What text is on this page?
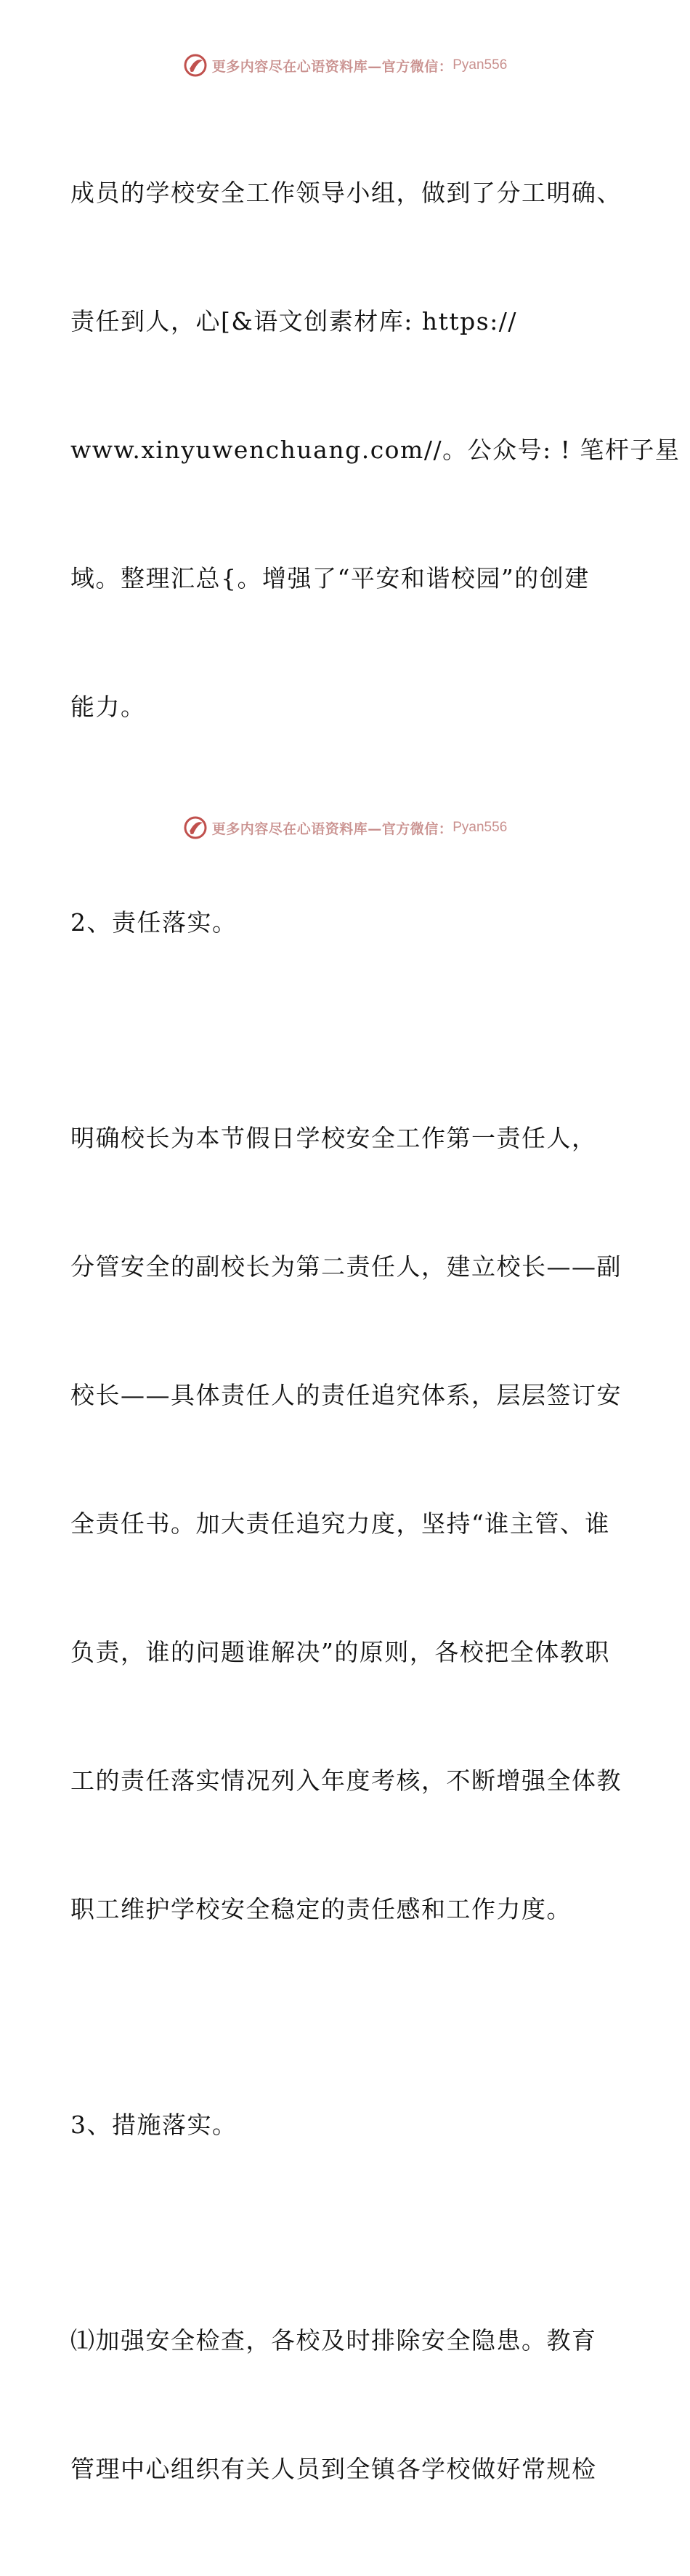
更多内容尽在心语资料库—官方微信： Pyan556

成员的学校安全工作领导小组，做到了分工明确、

责任到人，心[&语文创素材库: https://

www.xinyuwenchuang.com//。公众号: ! 笔杆子星

域。整理汇总{。增强了“平安和谐校园”的创建

能力。

2、责任落实。

明确校长为本节假日学校安全工作第一责任人，

分管安全的副校长为第二责任人，建立校长——副

校长——具体责任人的责任追究体系，层层签订安

全责任书。加大责任追究力度，坚持“谁主管、谁

负责，谁的问题谁解决”的原则，各校把全体教职

工的责任落实情况列入年度考核，不断增强全体教

职工维护学校安全稳定的责任感和工作力度。

3、措施落实。

⑴加强安全检查，各校及时排除安全隐患。教育

管理中心组织有关人员到全镇各学校做好常规检

更多内容尽在心语资料库—官方微信： Pyan556
